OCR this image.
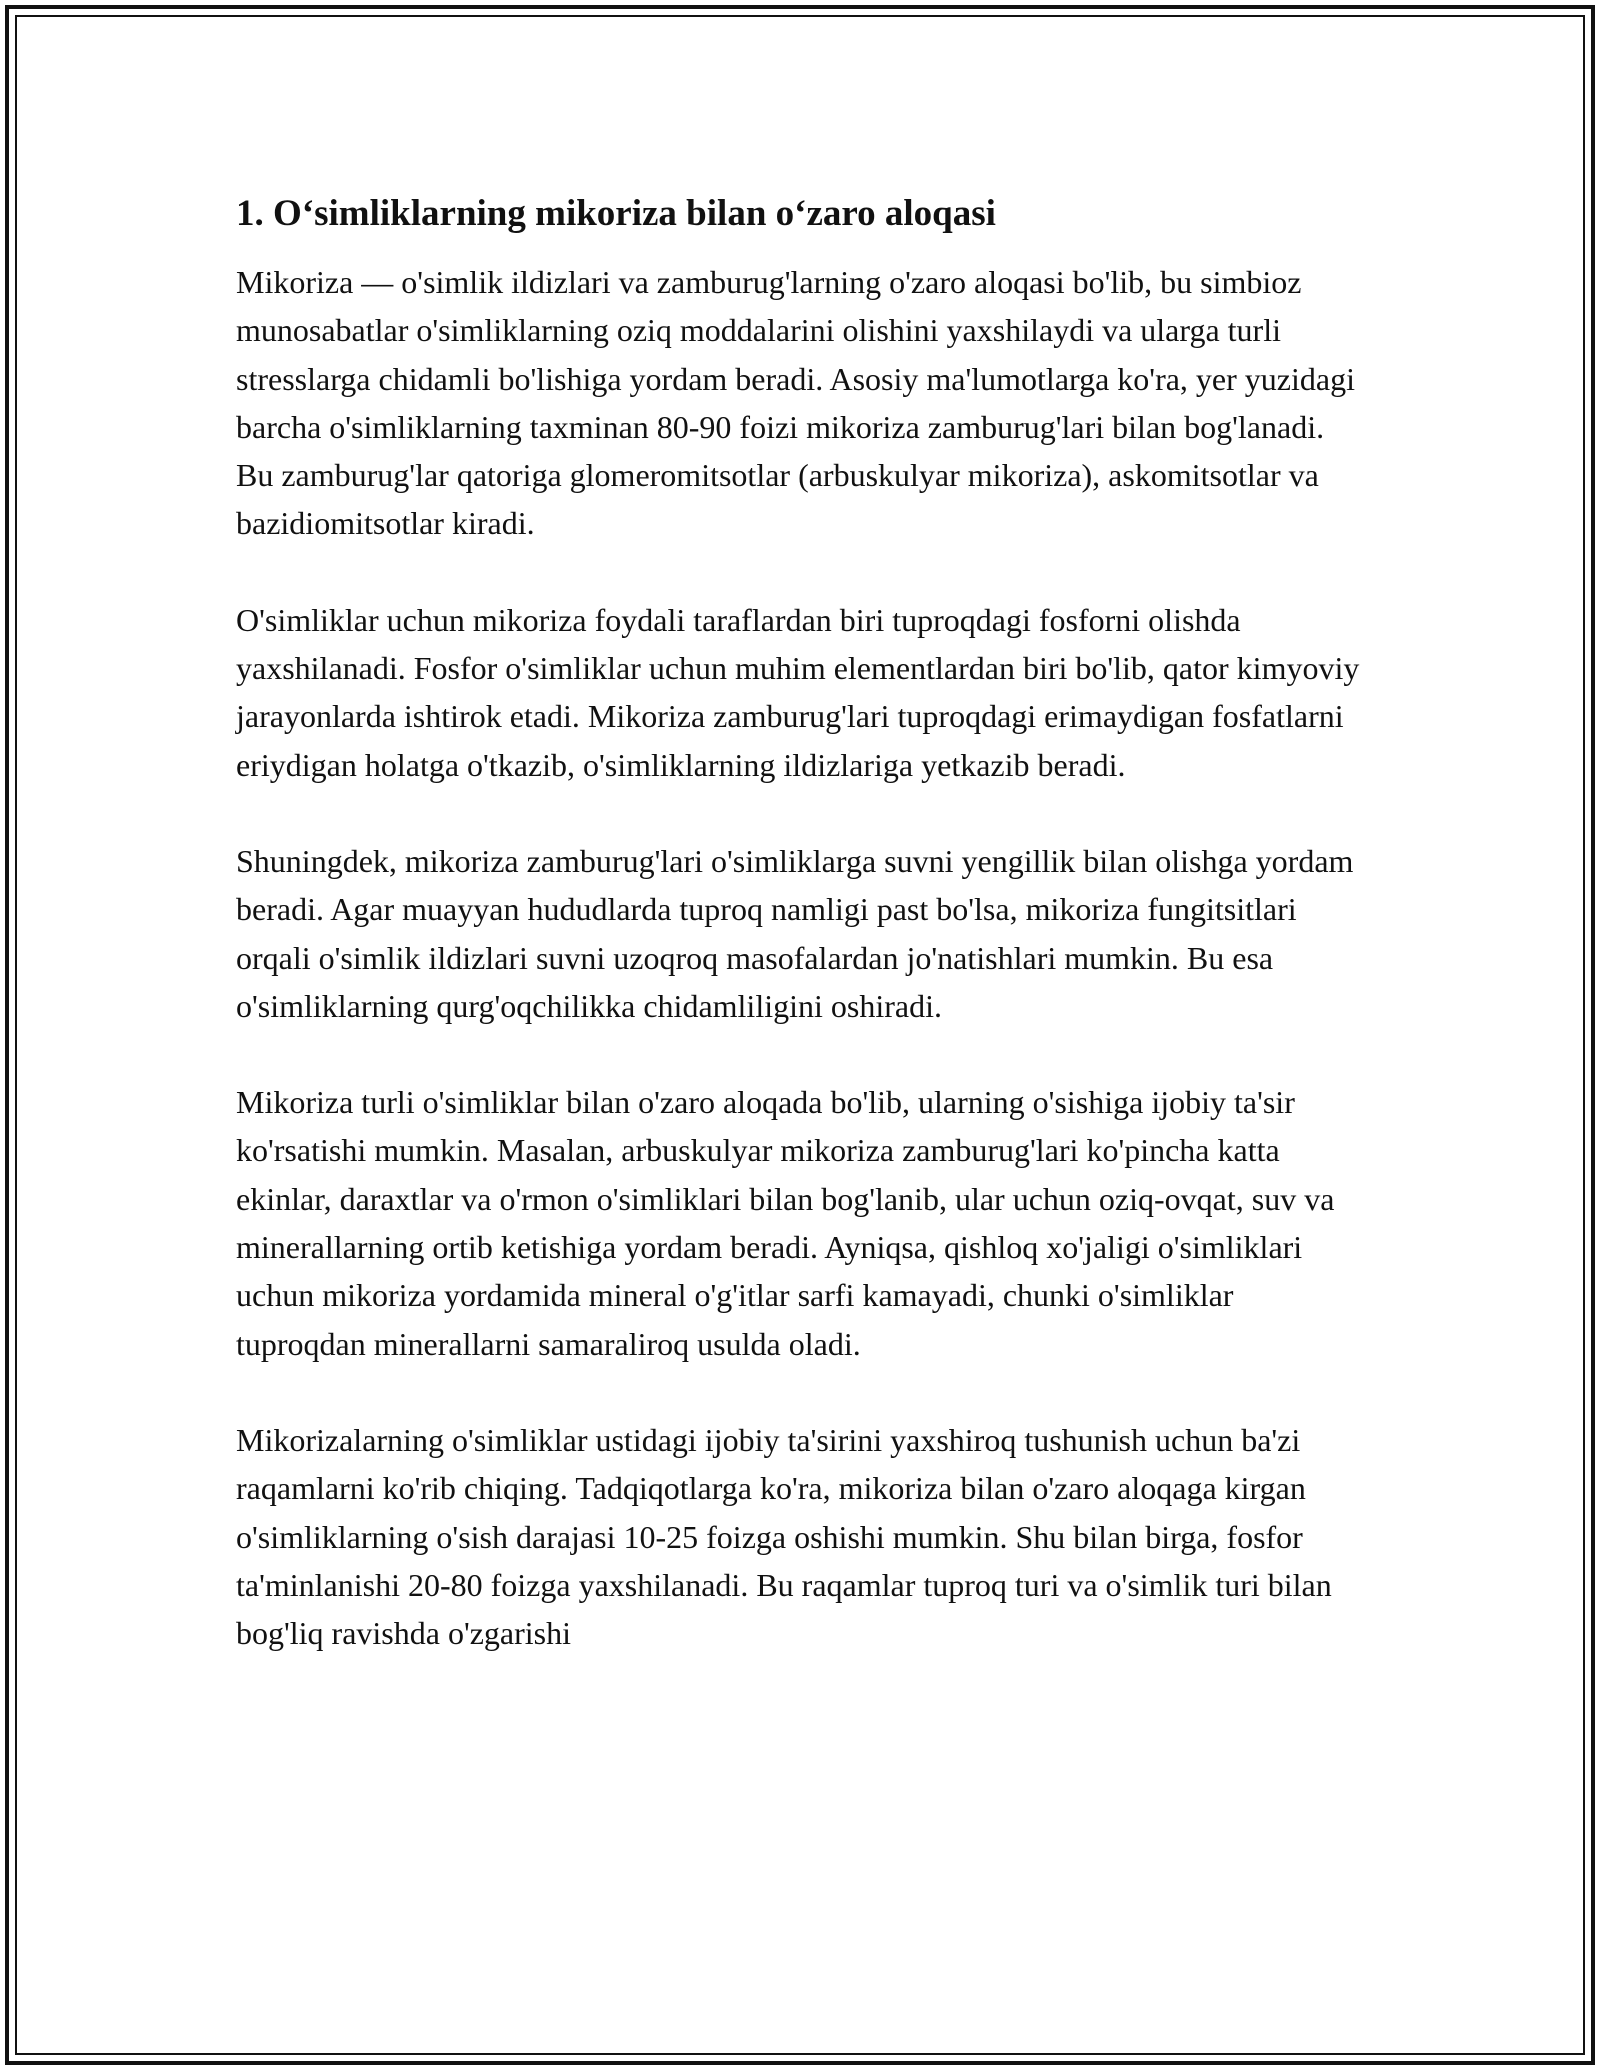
1. O‘simliklarning mikoriza bilan o‘zaro aloqasi

Mikoriza — o'simlik ildizlari va zamburug'larning o'zaro aloqasi bo'lib, bu simbioz munosabatlar o'simliklarning oziq moddalarini olishini yaxshilaydi va ularga turli stresslarga chidamli bo'lishiga yordam beradi. Asosiy ma'lumotlarga ko'ra, yer yuzidagi barcha o'simliklarning taxminan 80-90 foizi mikoriza zamburug'lari bilan bog'lanadi. Bu zamburug'lar qatoriga glomeromitsotlar (arbuskulyar mikoriza), askomitsotlar va bazidiomitsotlar kiradi.

O'simliklar uchun mikoriza foydali taraflardan biri tuproqdagi fosforni olishda yaxshilanadi. Fosfor o'simliklar uchun muhim elementlardan biri bo'lib, qator kimyoviy jarayonlarda ishtirok etadi. Mikoriza zamburug'lari tuproqdagi erimaydigan fosfatlarni eriydigan holatga o'tkazib, o'simliklarning ildizlariga yetkazib beradi.

Shuningdek, mikoriza zamburug'lari o'simliklarga suvni yengillik bilan olishga yordam beradi. Agar muayyan hududlarda tuproq namligi past bo'lsa, mikoriza fungitsitlari orqali o'simlik ildizlari suvni uzoqroq masofalardan jo'natishlari mumkin. Bu esa o'simliklarning qurg'oqchilikka chidamliligini oshiradi.

Mikoriza turli o'simliklar bilan o'zaro aloqada bo'lib, ularning o'sishiga ijobiy ta'sir ko'rsatishi mumkin. Masalan, arbuskulyar mikoriza zamburug'lari ko'pincha katta ekinlar, daraxtlar va o'rmon o'simliklari bilan bog'lanib, ular uchun oziq-ovqat, suv va minerallarning ortib ketishiga yordam beradi. Ayniqsa, qishloq xo'jaligi o'simliklari uchun mikoriza yordamida mineral o'g'itlar sarfi kamayadi, chunki o'simliklar tuproqdan minerallarni samaraliroq usulda oladi.

Mikorizalarning o'simliklar ustidagi ijobiy ta'sirini yaxshiroq tushunish uchun ba'zi raqamlarni ko'rib chiqing. Tadqiqotlarga ko'ra, mikoriza bilan o'zaro aloqaga kirgan o'simliklarning o'sish darajasi 10-25 foizga oshishi mumkin. Shu bilan birga, fosfor ta'minlanishi 20-80 foizga yaxshilanadi. Bu raqamlar tuproq turi va o'simlik turi bilan bog'liq ravishda o'zgarishi
